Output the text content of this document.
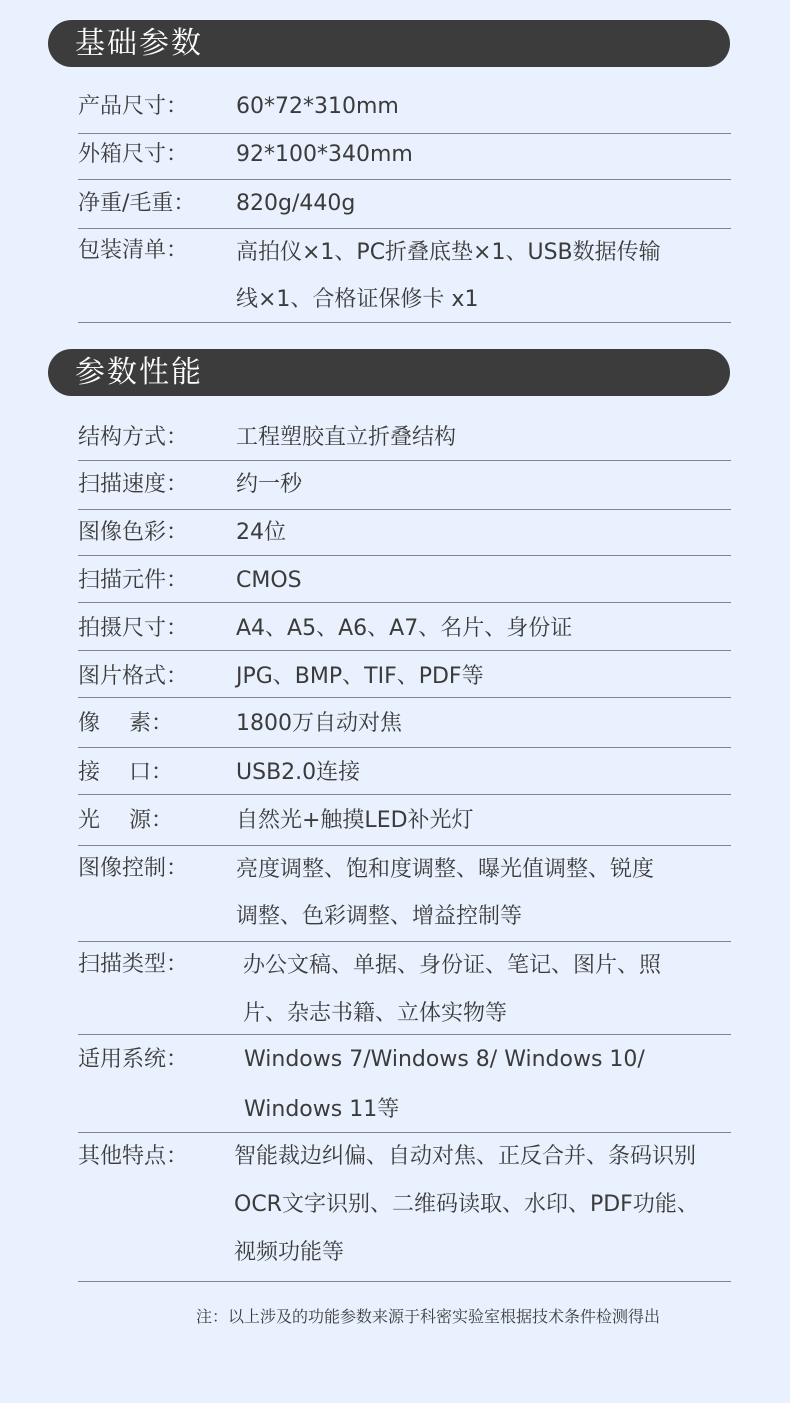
基础参数
产品尺寸： 60*72*310mm
外箱尺寸： 92*100*340mm
净重/毛重： 820g/440g
包装清单： 高拍仪×1、PC折叠底垫×1、USB数据传输
线×1、合格证保修卡 x1
参数性能
结构方式： 工程塑胶直立折叠结构
扫描速度： 约一秒
图像色彩： 24位
扫描元件： CMOS
拍摄尺寸： A4、A5、A6、A7、名片、身份证
图片格式： JPG、BMP、TIF、PDF等
像　 素：	1800万自动对焦
接　 口：	USB2.0连接
光　 源：	自然光+触摸LED补光灯
图像控制： 亮度调整、饱和度调整、曝光值调整、锐度
调整、色彩调整、增益控制等
扫描类型： 办公文稿、单据、身份证、笔记、图片、照
片、杂志书籍、立体实物等
适用系统：	Windows 7/Windows 8/ Windows 10/
Windows 11等
其他特点： 智能裁边纠偏、自动对焦、正反合并、条码识别
OCR文字识别、二维码读取、水印、PDF功能、
视频功能等
注：以上涉及的功能参数来源于科密实验室根据技术条件检测得出
